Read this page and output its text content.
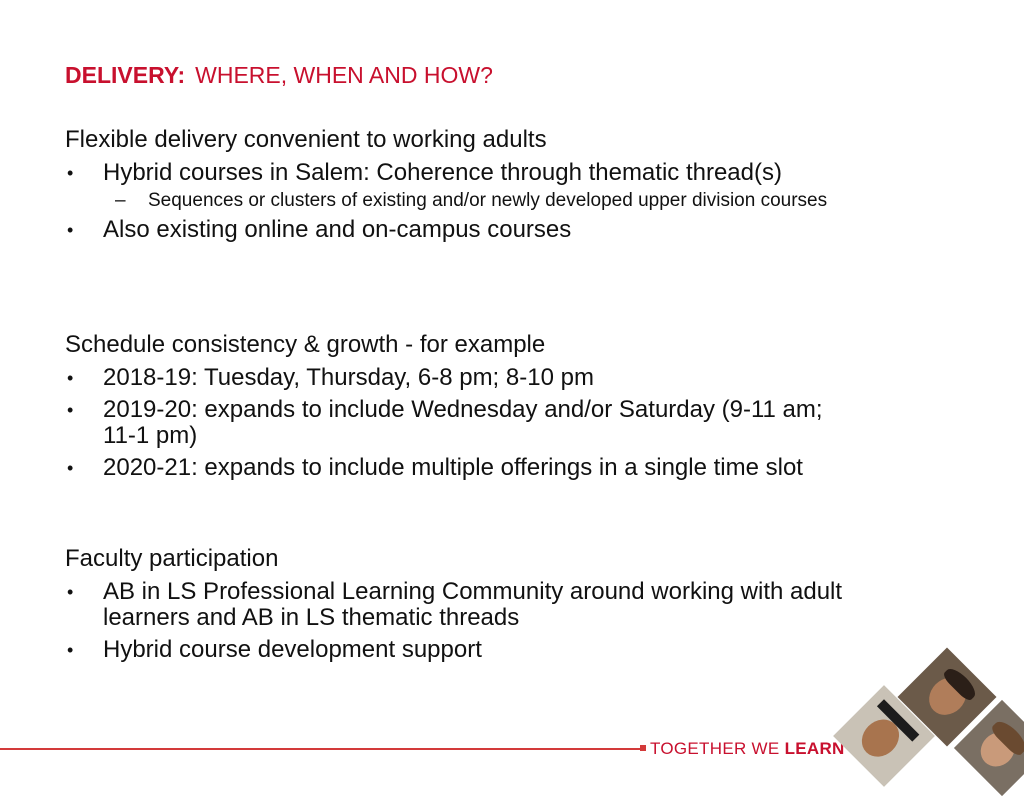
DELIVERY: WHERE, WHEN AND HOW?

Flexible delivery convenient to working adults

• Hybrid courses in Salem: Coherence through thematic thread(s)
– Sequences or clusters of existing and/or newly developed upper division courses
• Also existing online and on-campus courses

Schedule consistency & growth - for example

• 2018-19: Tuesday, Thursday, 6-8 pm; 8-10 pm
• 2019-20: expands to include Wednesday and/or Saturday (9-11 am; 11-1 pm)
• 2020-21: expands to include multiple offerings in a single time slot

Faculty participation

• AB in LS Professional Learning Community around working with adult learners and AB in LS thematic threads
• Hybrid course development support
TOGETHER WE LEARN
